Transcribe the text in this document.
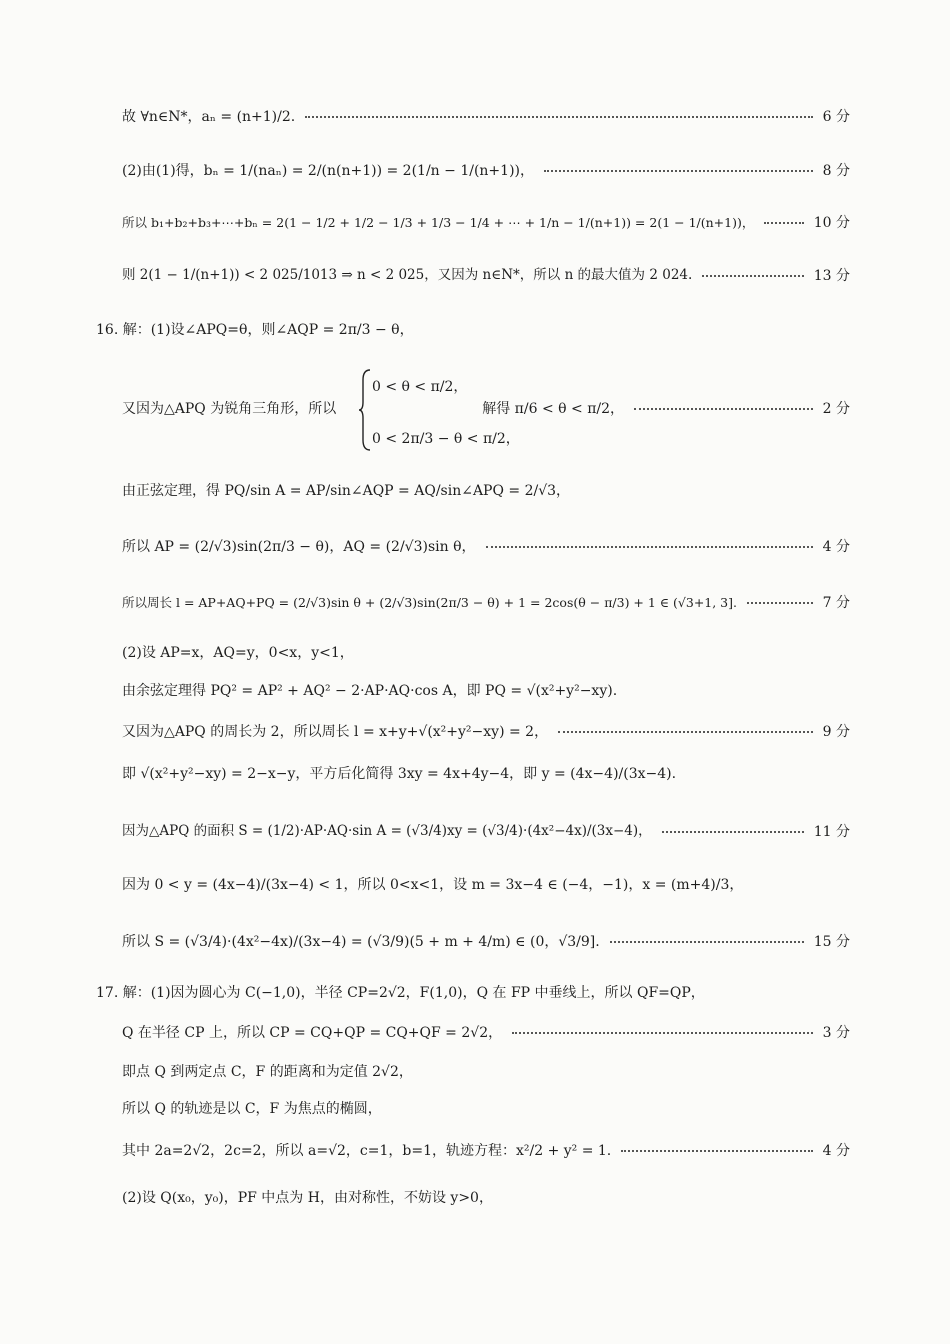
故 ∀n∈N*，aₙ = (n+1)/2.	6 分
(2)由(1)得，bₙ = 1/(naₙ) = 2/(n(n+1)) = 2(1/n − 1/(n+1))，	8 分
所以 b₁+b₂+b₃+⋯+bₙ = 2(1 − 1/2 + 1/2 − 1/3 + 1/3 − 1/4 + ⋯ + 1/n − 1/(n+1)) = 2(1 − 1/(n+1))，	10 分
则 2(1 − 1/(n+1)) < 2 025/1013 ⇒ n < 2 025，又因为 n∈N*，所以 n 的最大值为 2 024.	13 分
16. 解：(1)设∠APQ=θ，则∠AQP = 2π/3 − θ，
又因为△APQ 为锐角三角形，所以	解得 π/6 < θ < π/2，	2 分
0 < θ < π/2，
0 < 2π/3 − θ < π/2，
由正弦定理，得 PQ/sin A = AP/sin∠AQP = AQ/sin∠APQ = 2/√3，
所以 AP = (2/√3)sin(2π/3 − θ)，AQ = (2/√3)sin θ，	4 分
所以周长 l = AP+AQ+PQ = (2/√3)sin θ + (2/√3)sin(2π/3 − θ) + 1 = 2cos(θ − π/3) + 1 ∈ (√3+1, 3].	7 分
(2)设 AP=x，AQ=y，0<x，y<1，
由余弦定理得 PQ² = AP² + AQ² − 2·AP·AQ·cos A，即 PQ = √(x²+y²−xy).
又因为△APQ 的周长为 2，所以周长 l = x+y+√(x²+y²−xy) = 2，	9 分
即 √(x²+y²−xy) = 2−x−y，平方后化简得 3xy = 4x+4y−4，即 y = (4x−4)/(3x−4).
因为△APQ 的面积 S = (1/2)·AP·AQ·sin A = (√3/4)xy = (√3/4)·(4x²−4x)/(3x−4)，	11 分
因为 0 < y = (4x−4)/(3x−4) < 1，所以 0<x<1，设 m = 3x−4 ∈ (−4，−1)，x = (m+4)/3，
所以 S = (√3/4)·(4x²−4x)/(3x−4) = (√3/9)(5 + m + 4/m) ∈ (0，√3/9].	15 分
17. 解：(1)因为圆心为 C(−1,0)，半径 CP=2√2，F(1,0)，Q 在 FP 中垂线上，所以 QF=QP，
Q 在半径 CP 上，所以 CP = CQ+QP = CQ+QF = 2√2，	3 分
即点 Q 到两定点 C，F 的距离和为定值 2√2，
所以 Q 的轨迹是以 C，F 为焦点的椭圆，
其中 2a=2√2，2c=2，所以 a=√2，c=1，b=1，轨迹方程：x²/2 + y² = 1.	4 分
(2)设 Q(x₀，y₀)，PF 中点为 H，由对称性，不妨设 y>0，
